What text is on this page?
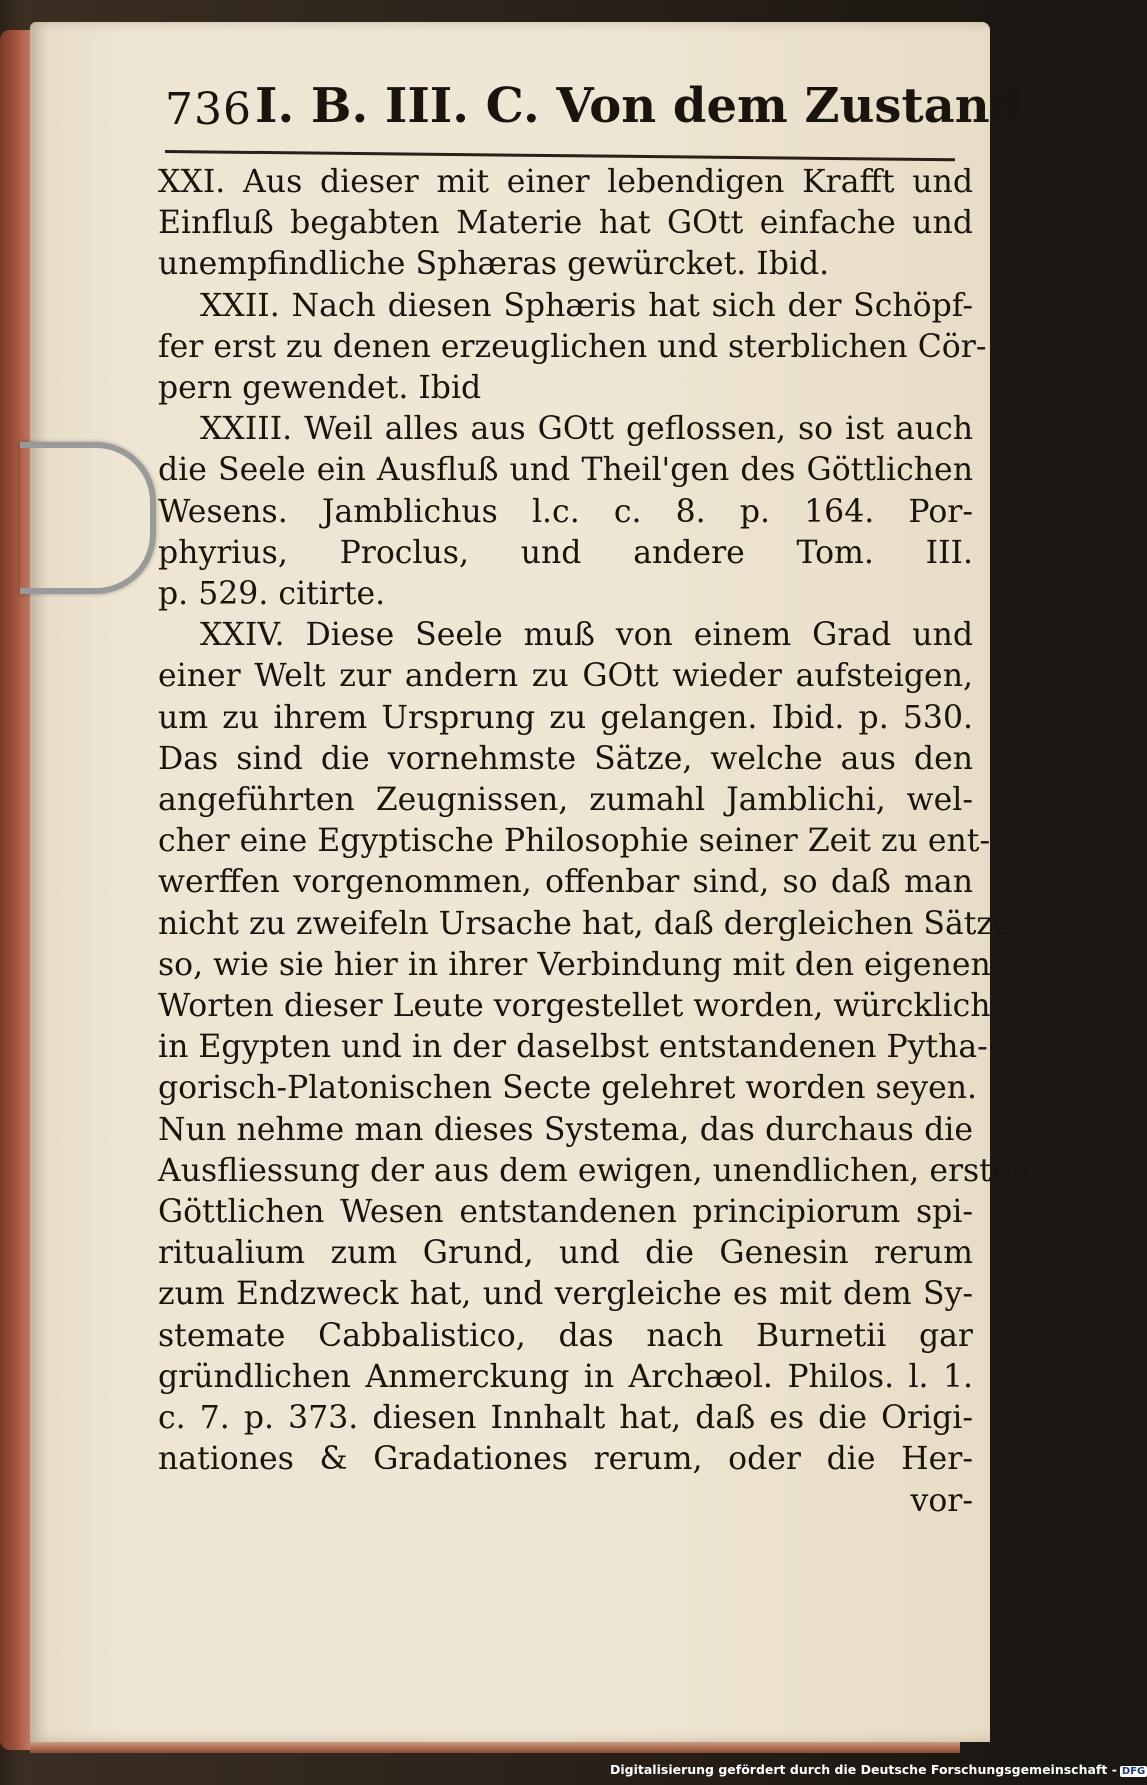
736 I. B. III. C. Von dem Zustand
XXI. Aus dieser mit einer lebendigen Krafft und
Einfluß begabten Materie hat GOtt einfache und
unempfindliche Sphæras gewürcket. Ibid.
XXII. Nach diesen Sphæris hat sich der Schöpf-
fer erst zu denen erzeuglichen und sterblichen Cör-
pern gewendet. Ibid
XXIII. Weil alles aus GOtt geflossen, so ist auch
die Seele ein Ausfluß und Theil'gen des Göttlichen
Wesens. Jamblichus l.c. c. 8. p. 164. Por-
phyrius, Proclus, und andere Tom. III.
p. 529. citirte.
XXIV. Diese Seele muß von einem Grad und
einer Welt zur andern zu GOtt wieder aufsteigen,
um zu ihrem Ursprung zu gelangen. Ibid. p. 530.
Das sind die vornehmste Sätze, welche aus den
angeführten Zeugnissen, zumahl Jamblichi, wel-
cher eine Egyptische Philosophie seiner Zeit zu ent-
werffen vorgenommen, offenbar sind, so daß man
nicht zu zweifeln Ursache hat, daß dergleichen Sätze
so, wie sie hier in ihrer Verbindung mit den eigenen
Worten dieser Leute vorgestellet worden, würcklich
in Egypten und in der daselbst entstandenen Pytha-
gorisch-Platonischen Secte gelehret worden seyen.
Nun nehme man dieses Systema, das durchaus die
Ausfliessung der aus dem ewigen, unendlichen, ersten
Göttlichen Wesen entstandenen principiorum spi-
ritualium zum Grund, und die Genesin rerum
zum Endzweck hat, und vergleiche es mit dem Sy-
stemate Cabbalistico, das nach Burnetii gar
gründlichen Anmerckung in Archæol. Philos. l. 1.
c. 7. p. 373. diesen Innhalt hat, daß es die Origi-
nationes & Gradationes rerum, oder die Her-
vor-
Digitalisierung gefördert durch die Deutsche Forschungsgemeinschaft - DFG
